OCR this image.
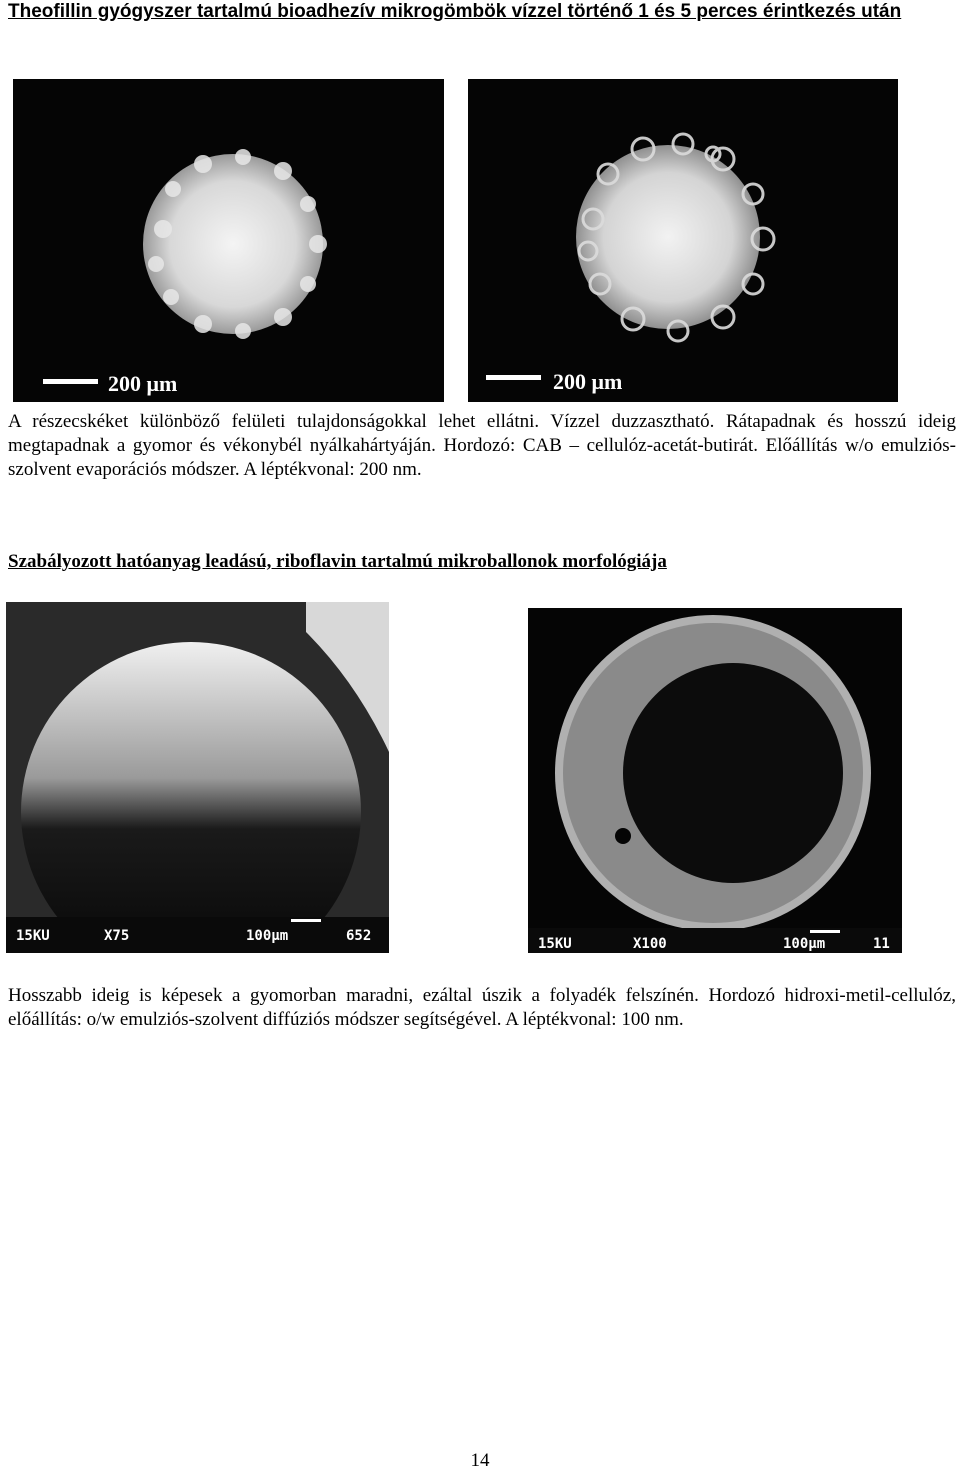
Theofillin gyógyszer tartalmú bioadhezív mikrogömbök vízzel történő 1 és 5 perces érintkezés után
200 μm	200 μm
A részecskéket különböző felületi tulajdonságokkal lehet ellátni. Vízzel duzzasztható. Rátapadnak és hosszú ideig megtapadnak a gyomor és vékonybél nyálkahártyáján. Hordozó: CAB – cellulóz-acetát-butirát. Előállítás w/o emulziós-szolvent evaporációs módszer. A léptékvonal: 200 nm.
Szabályozott hatóanyag leadású, riboflavin tartalmú mikroballonok morfológiája
15KU	X75	100μm	652	15KU	X100	100μm	11
Hosszabb ideig is képesek a gyomorban maradni, ezáltal úszik a folyadék felszínén. Hordozó hidroxi-metil-cellulóz, előállítás: o/w emulziós-szolvent diffúziós módszer segítségével. A léptékvonal: 100 nm.
14
